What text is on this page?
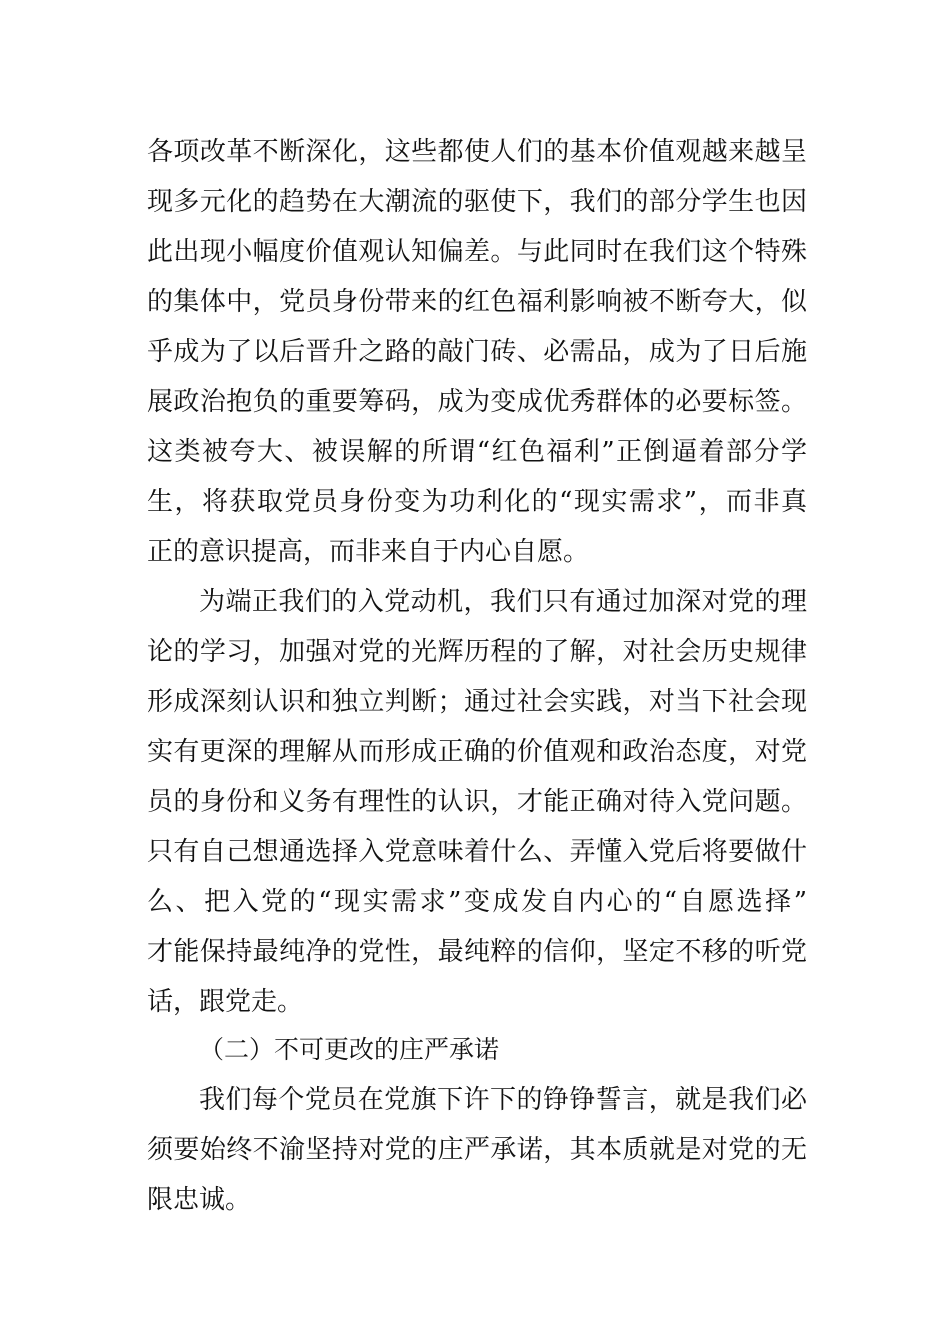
各项改革不断深化，这些都使人们的基本价值观越来越呈
现多元化的趋势在大潮流的驱使下，我们的部分学生也因
此出现小幅度价值观认知偏差。与此同时在我们这个特殊
的集体中，党员身份带来的红色福利影响被不断夸大，似
乎成为了以后晋升之路的敲门砖、必需品，成为了日后施
展政治抱负的重要筹码，成为变成优秀群体的必要标签。
这类被夸大、被误解的所谓“红色福利”正倒逼着部分学
生，将获取党员身份变为功利化的“现实需求”，而非真
正的意识提高，而非来自于内心自愿。
为端正我们的入党动机，我们只有通过加深对党的理
论的学习，加强对党的光辉历程的了解，对社会历史规律
形成深刻认识和独立判断；通过社会实践，对当下社会现
实有更深的理解从而形成正确的价值观和政治态度，对党
员的身份和义务有理性的认识，才能正确对待入党问题。
只有自己想通选择入党意味着什么、弄懂入党后将要做什
么、把入党的“现实需求”变成发自内心的“自愿选择”
才能保持最纯净的党性，最纯粹的信仰，坚定不移的听党
话，跟党走。
（二）不可更改的庄严承诺
我们每个党员在党旗下许下的铮铮誓言，就是我们必
须要始终不渝坚持对党的庄严承诺，其本质就是对党的无
限忠诚。
